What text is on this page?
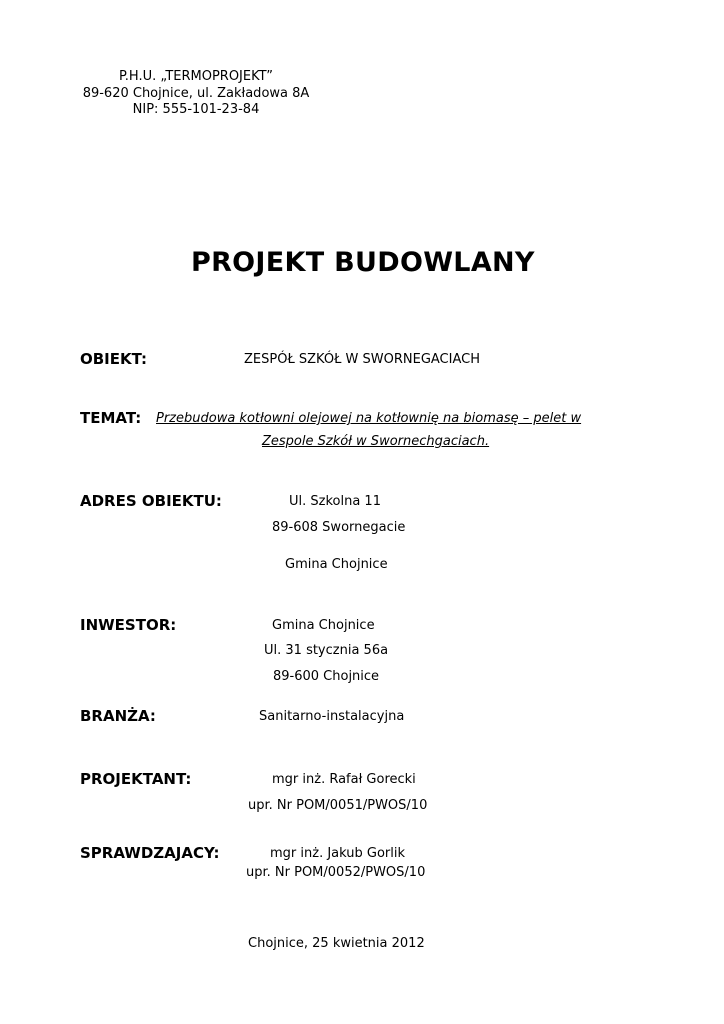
P.H.U. „TERMOPROJEKT”
89-620 Chojnice, ul. Zakładowa 8A
NIP: 555-101-23-84
PROJEKT BUDOWLANY
OBIEKT:	ZESPÓŁ SZKÓŁ W SWORNEGACIACH
TEMAT: Przebudowa kotłowni olejowej na kotłownię na biomasę – pelet w
Zespole Szkół w Swornechgaciach.
ADRES OBIEKTU:	Ul. Szkolna 11
89-608 Swornegacie
Gmina Chojnice
INWESTOR:	Gmina Chojnice
Ul. 31 stycznia 56a
89-600 Chojnice
BRANŻA:	Sanitarno-instalacyjna
PROJEKTANT:	mgr inż. Rafał Gorecki
upr. Nr POM/0051/PWOS/10
SPRAWDZAJACY:	mgr inż. Jakub Gorlik
upr. Nr POM/0052/PWOS/10
Chojnice, 25 kwietnia 2012
